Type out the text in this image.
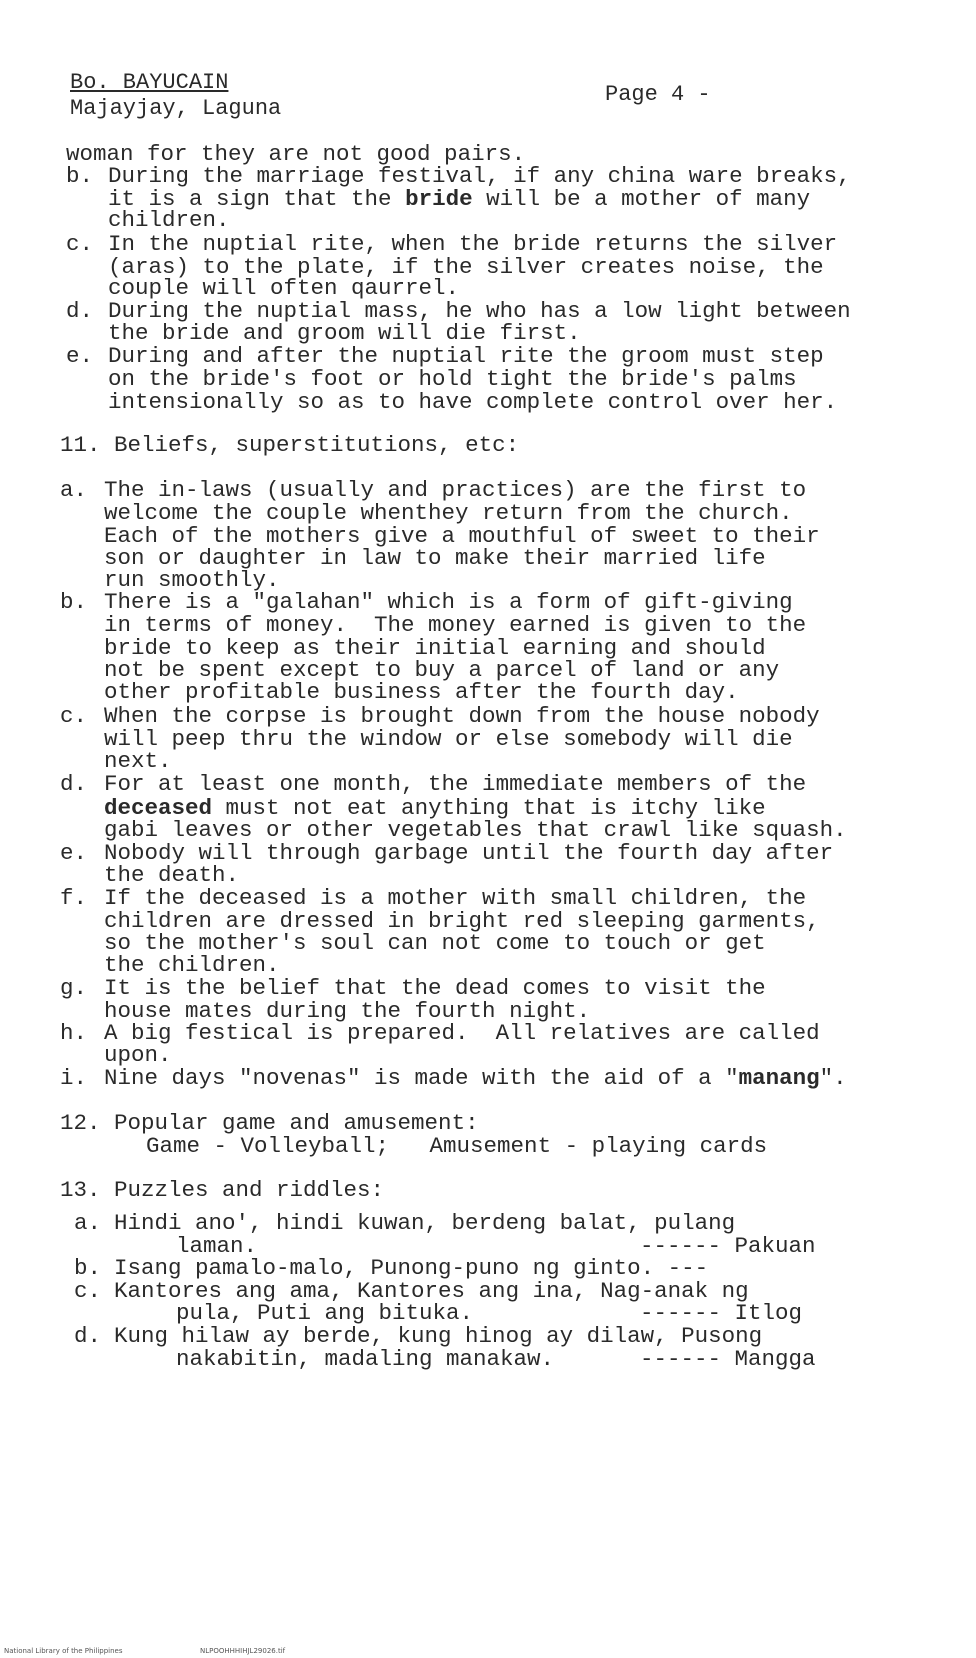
Bo. BAYUCAIN
Majayjay, Laguna
Page 4 -
woman for they are not good pairs.
b. During the marriage festival, if any china ware breaks,
it is a sign that the bride will be a mother of many
children.
c. In the nuptial rite, when the bride returns the silver
(aras) to the plate, if the silver creates noise, the
couple will often qaurrel.
d. During the nuptial mass, he who has a low light between
the bride and groom will die first.
e. During and after the nuptial rite the groom must step
on the bride's foot or hold tight the bride's palms
intensionally so as to have complete control over her.
11. Beliefs, superstitutions, etc:
a. The in-laws (usually and practices) are the first to
welcome the couple whenthey return from the church.
Each of the mothers give a mouthful of sweet to their
son or daughter in law to make their married life
run smoothly.
b. There is a "galahan" which is a form of gift-giving
in terms of money.  The money earned is given to the
bride to keep as their initial earning and should
not be spent except to buy a parcel of land or any
other profitable business after the fourth day.
c. When the corpse is brought down from the house nobody
will peep thru the window or else somebody will die
next.
d. For at least one month, the immediate members of the
deceased must not eat anything that is itchy like
gabi leaves or other vegetables that crawl like squash.
e. Nobody will through garbage until the fourth day after
the death.
f. If the deceased is a mother with small children, the
children are dressed in bright red sleeping garments,
so the mother's soul can not come to touch or get
the children.
g. It is the belief that the dead comes to visit the
house mates during the fourth night.
h. A big festical is prepared.  All relatives are called
upon.
i. Nine days "novenas" is made with the aid of a "manang".
12. Popular game and amusement:
Game - Volleyball;   Amusement - playing cards
13. Puzzles and riddles:
a. Hindi ano', hindi kuwan, berdeng balat, pulang
laman.	------ Pakuan
b. Isang pamalo-malo, Punong-puno ng ginto. ---
c. Kantores ang ama, Kantores ang ina, Nag-anak ng
pula, Puti ang bituka.	------ Itlog
d. Kung hilaw ay berde, kung hinog ay dilaw, Pusong
nakabitin, madaling manakaw.	------ Mangga
National Library of the Philippines	NLPOOHHHIHJL29026.tif
